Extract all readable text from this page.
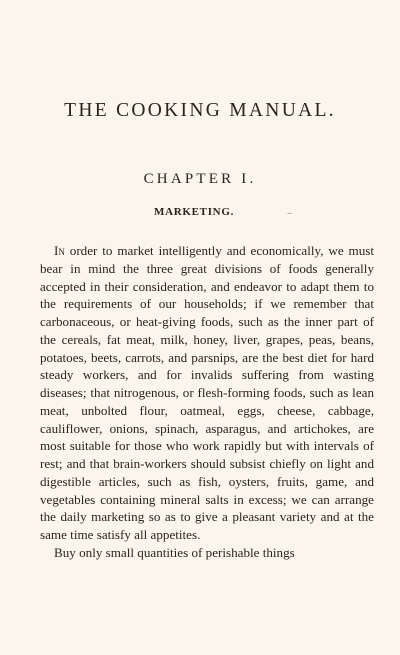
THE COOKING MANUAL.
CHAPTER I.
MARKETING.	–

In order to market intelligently and economically, we must bear in mind the three great divisions of foods generally accepted in their consideration, and endeavor to adapt them to the requirements of our households; if we remember that carbonaceous, or heat-giving foods, such as the inner part of the cereals, fat meat, milk, honey, liver, grapes, peas, beans, potatoes, beets, carrots, and parsnips, are the best diet for hard steady workers, and for invalids suffering from wasting diseases; that nitrogenous, or flesh-forming foods, such as lean meat, unbolted flour, oatmeal, eggs, cheese, cabbage, cauliflower, onions, spinach, asparagus, and artichokes, are most suitable for those who work rapidly but with intervals of rest; and that brain-workers should subsist chiefly on light and digestible articles, such as fish, oysters, fruits, game, and vegetables containing mineral salts in excess; we can arrange the daily marketing so as to give a pleasant variety and at the same time satisfy all appetites.

Buy only small quantities of perishable things
